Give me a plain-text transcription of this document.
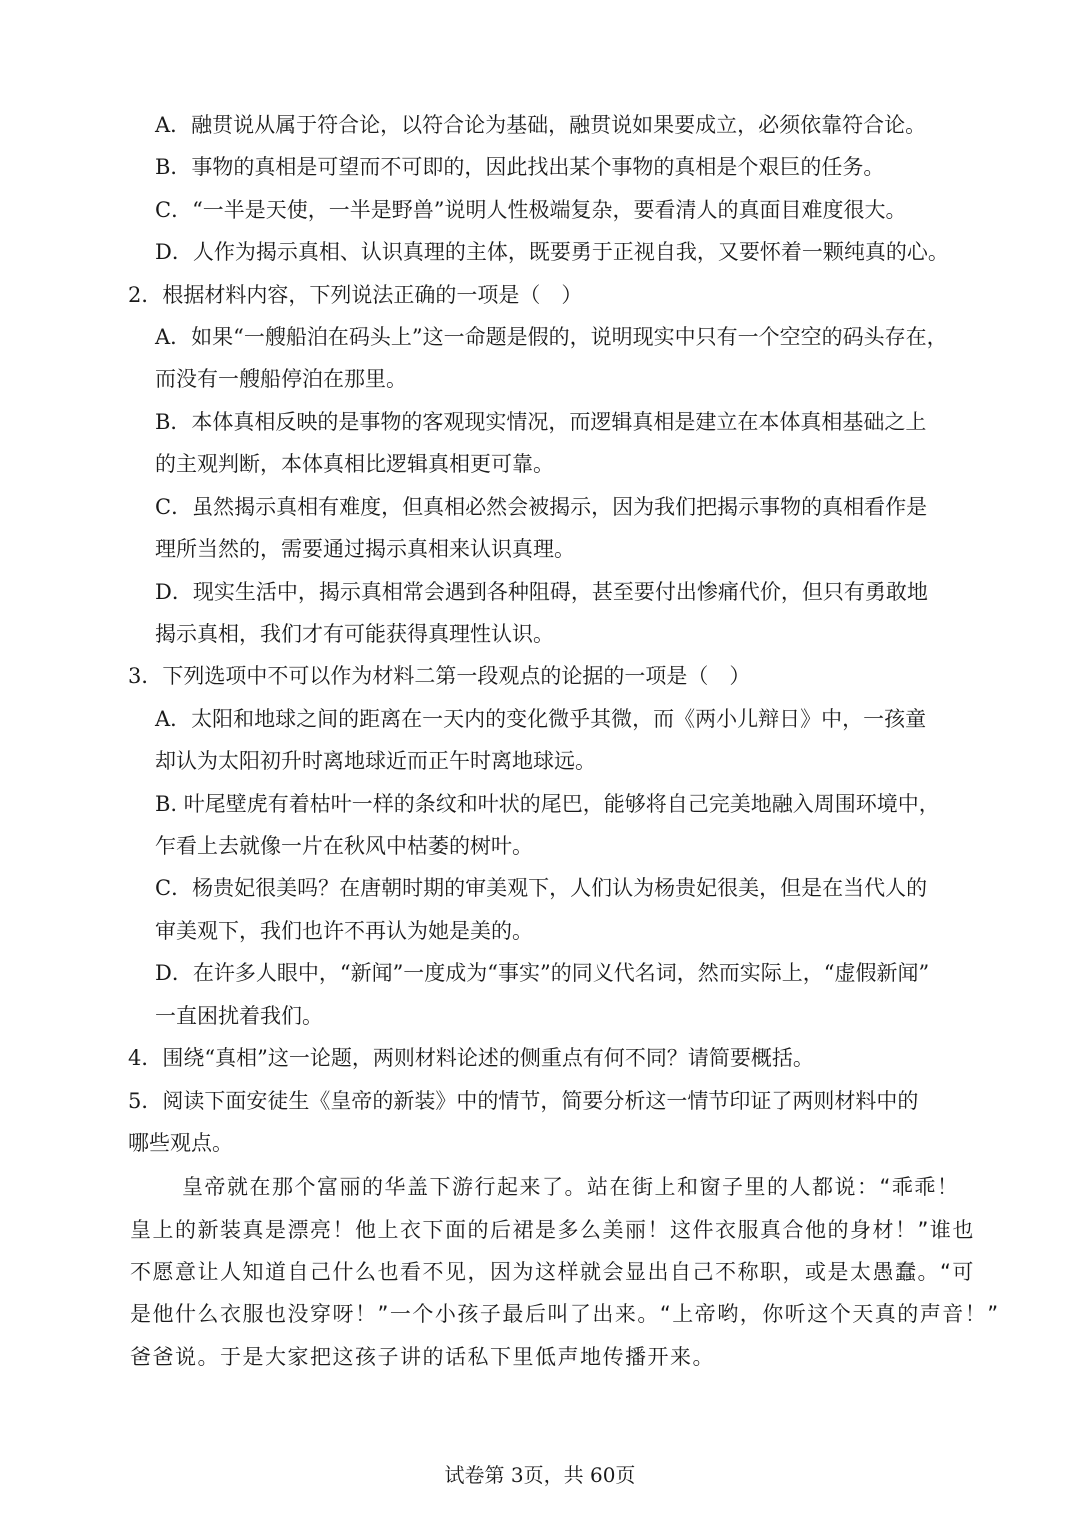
A．融贯说从属于符合论，以符合论为基础，融贯说如果要成立，必须依靠符合论。
B．事物的真相是可望而不可即的，因此找出某个事物的真相是个艰巨的任务。
C．“一半是天使，一半是野兽”说明人性极端复杂，要看清人的真面目难度很大。
D．人作为揭示真相、认识真理的主体，既要勇于正视自我，又要怀着一颗纯真的心。
2．根据材料内容，下列说法正确的一项是（　）
A．如果“一艘船泊在码头上”这一命题是假的，说明现实中只有一个空空的码头存在，
而没有一艘船停泊在那里。
B．本体真相反映的是事物的客观现实情况，而逻辑真相是建立在本体真相基础之上
的主观判断，本体真相比逻辑真相更可靠。
C．虽然揭示真相有难度，但真相必然会被揭示，因为我们把揭示事物的真相看作是
理所当然的，需要通过揭示真相来认识真理。
D．现实生活中，揭示真相常会遇到各种阻碍，甚至要付出惨痛代价，但只有勇敢地
揭示真相，我们才有可能获得真理性认识。
3．下列选项中不可以作为材料二第一段观点的论据的一项是（　）
A．太阳和地球之间的距离在一天内的变化微乎其微，而《两小儿辩日》中，一孩童
却认为太阳初升时离地球近而正午时离地球远。
B. 叶尾壁虎有着枯叶一样的条纹和叶状的尾巴，能够将自己完美地融入周围环境中，
乍看上去就像一片在秋风中枯萎的树叶。
C．杨贵妃很美吗？在唐朝时期的审美观下，人们认为杨贵妃很美，但是在当代人的
审美观下，我们也许不再认为她是美的。
D．在许多人眼中，“新闻”一度成为“事实”的同义代名词，然而实际上，“虚假新闻”
一直困扰着我们。
4．围绕“真相”这一论题，两则材料论述的侧重点有何不同？请简要概括。
5．阅读下面安徒生《皇帝的新装》中的情节，简要分析这一情节印证了两则材料中的
哪些观点。
皇帝就在那个富丽的华盖下游行起来了。站在街上和窗子里的人都说：“乖乖！
皇上的新装真是漂亮！他上衣下面的后裙是多么美丽！这件衣服真合他的身材！”谁也
不愿意让人知道自己什么也看不见，因为这样就会显出自己不称职，或是太愚蠢。“可
是他什么衣服也没穿呀！”一个小孩子最后叫了出来。“上帝哟，你听这个天真的声音！”
爸爸说。于是大家把这孩子讲的话私下里低声地传播开来。
试卷第 3页，共 60页
